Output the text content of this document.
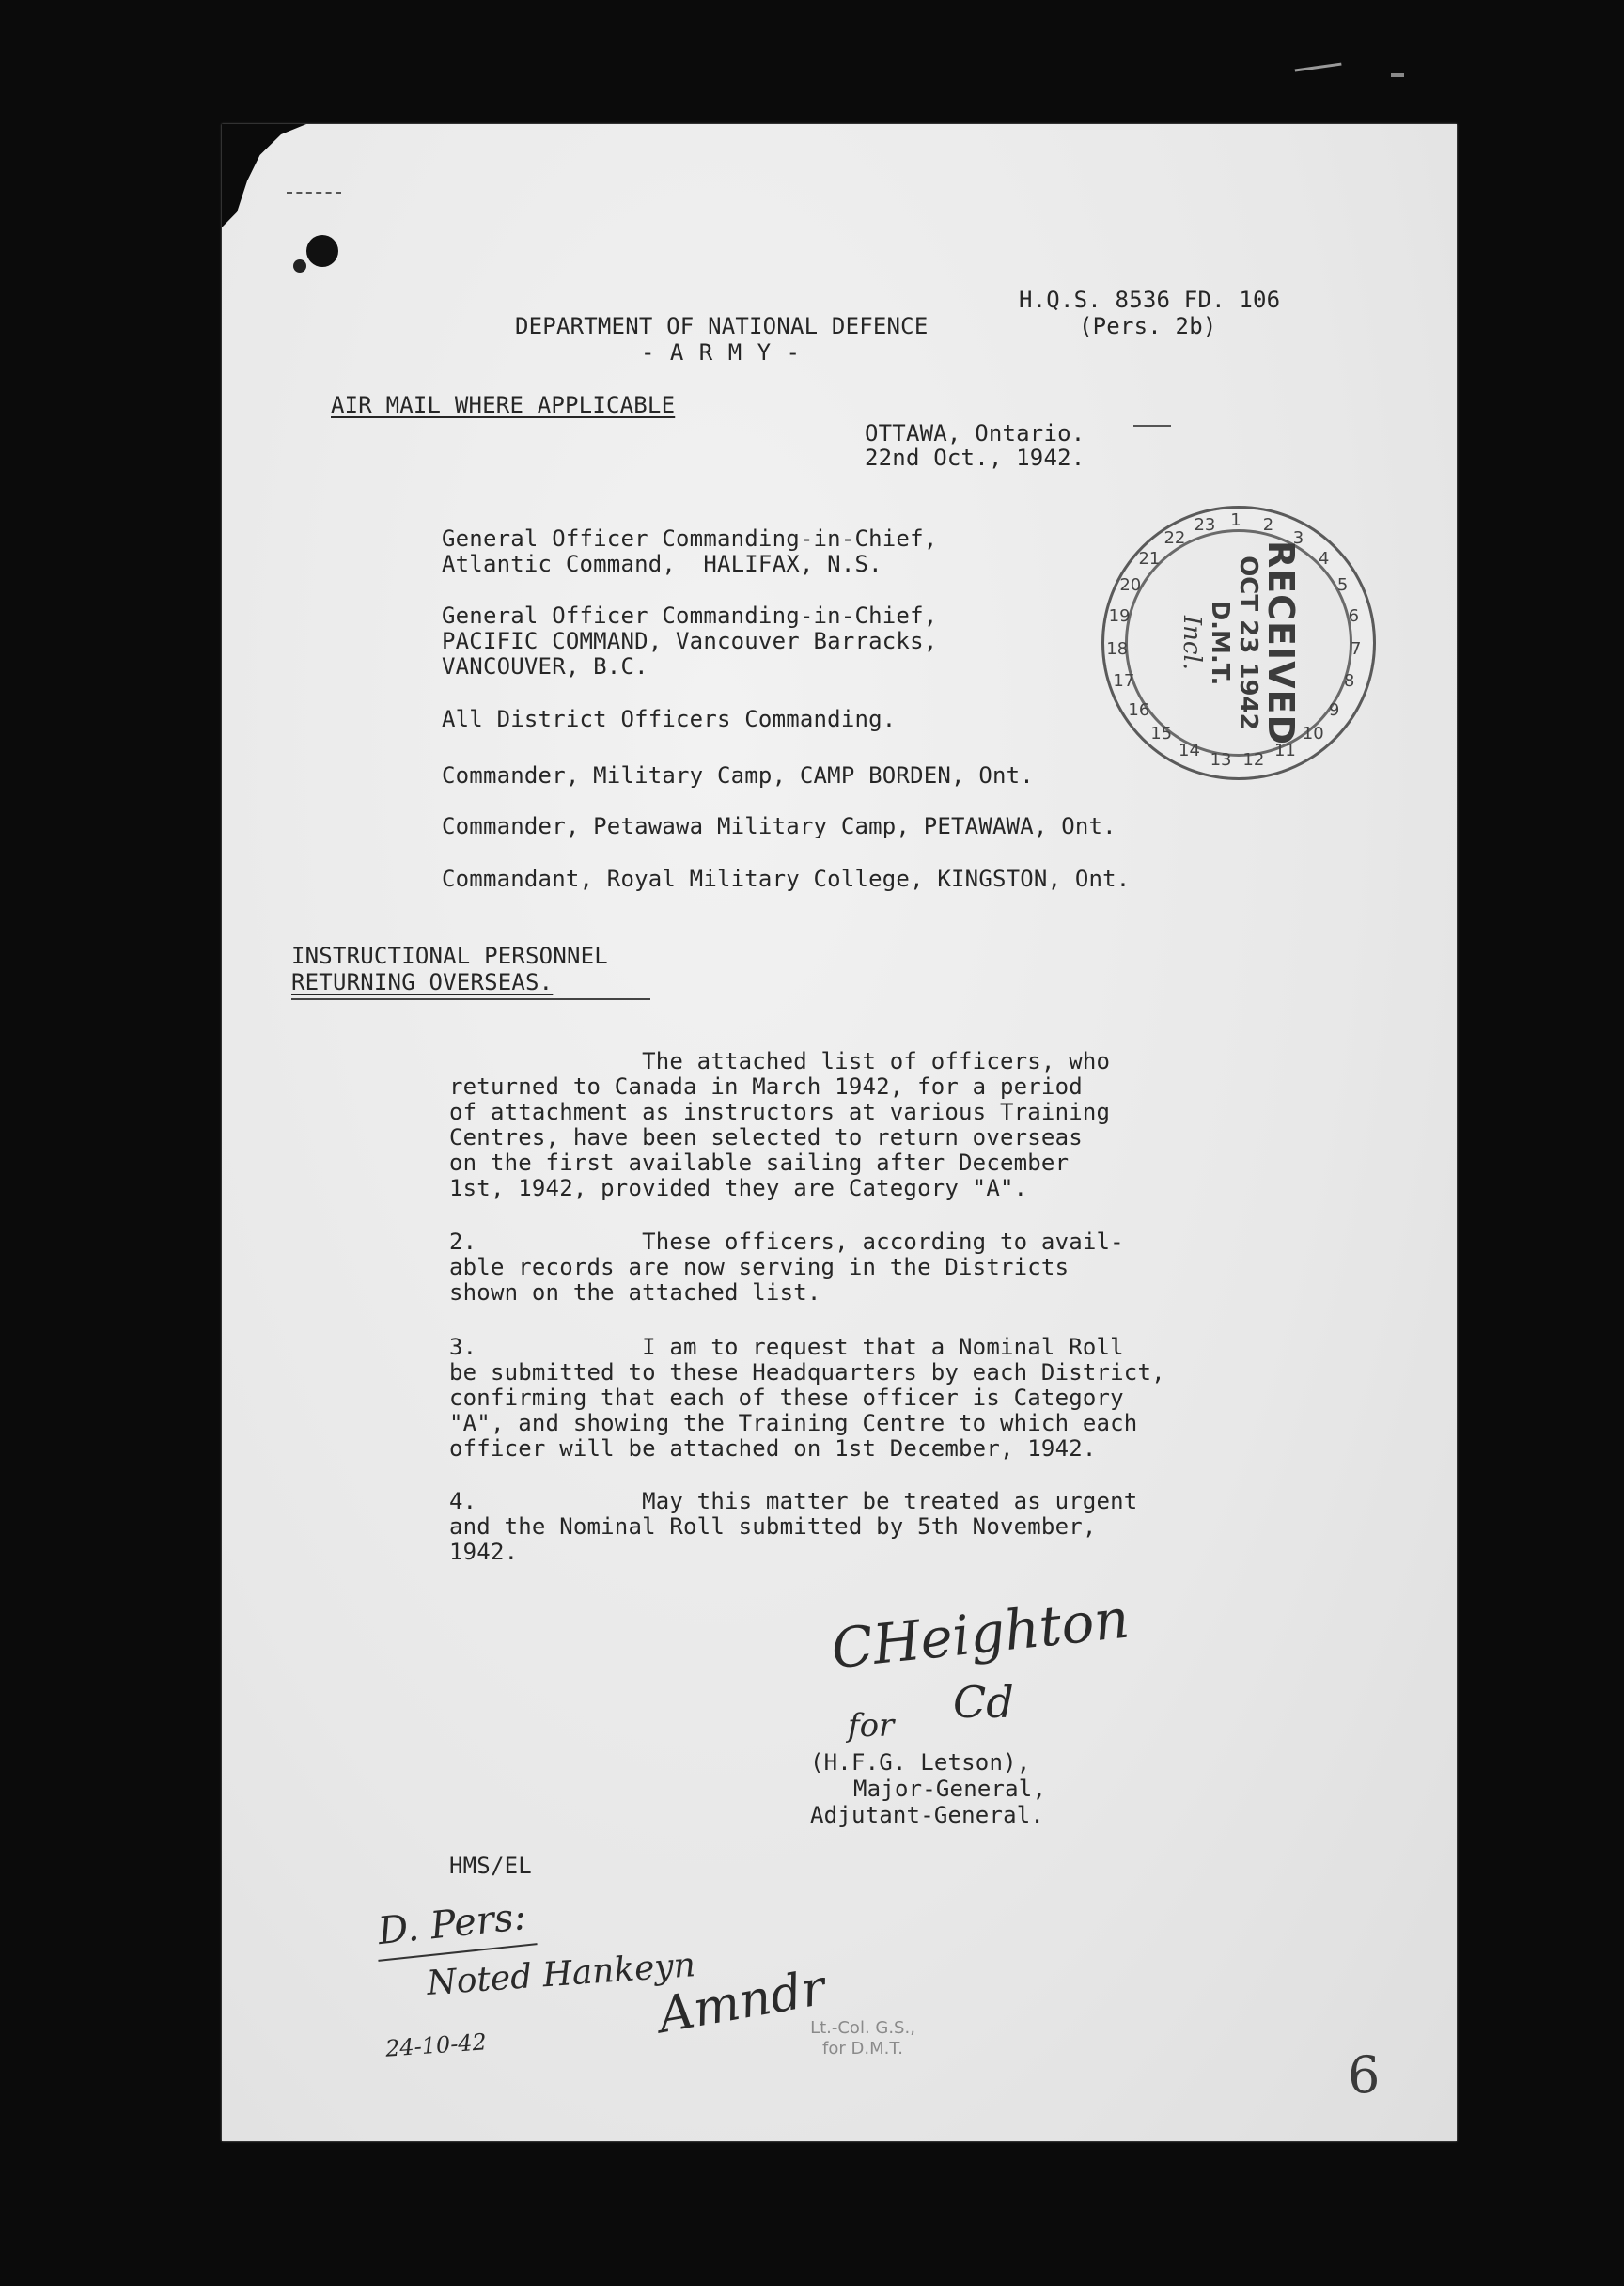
H.Q.S. 8536 FD. 106
(Pers. 2b)
DEPARTMENT OF NATIONAL DEFENCE
- A R M Y -
AIR MAIL WHERE APPLICABLE
OTTAWA, Ontario.
22nd Oct., 1942.
General Officer Commanding-in-Chief,
Atlantic Command,  HALIFAX, N.S.
General Officer Commanding-in-Chief,
PACIFIC COMMAND, Vancouver Barracks,
VANCOUVER, B.C.
All District Officers Commanding.
Commander, Military Camp, CAMP BORDEN, Ont.
Commander, Petawawa Military Camp, PETAWAWA, Ont.
Commandant, Royal Military College, KINGSTON, Ont.
INSTRUCTIONAL PERSONNEL
RETURNING OVERSEAS.
The attached list of officers, who
returned to Canada in March 1942, for a period
of attachment as instructors at various Training
Centres, have been selected to return overseas
on the first available sailing after December
1st, 1942, provided they are Category "A".
2.            These officers, according to avail-
able records are now serving in the Districts
shown on the attached list.
3.            I am to request that a Nominal Roll
be submitted to these Headquarters by each District,
confirming that each of these officer is Category
"A", and showing the Training Centre to which each
officer will be attached on 1st December, 1942.
4.            May this matter be treated as urgent
and the Nominal Roll submitted by 5th November,
1942.
CHeighton
Cd
for
(H.F.G. Letson),
Major-General,
Adjutant-General.
HMS/EL
RECEIVED
OCT 23 1942
D.M.T.
Incl.
1 2
3
4
5
6
7
8
9
10
11
12
13
14
15
16
17
18
19
20
21
22
23
D. Pers:
Noted Hankeyn
24-10-42
Amndr
Lt.-Col. G.S.,
for D.M.T.	6
